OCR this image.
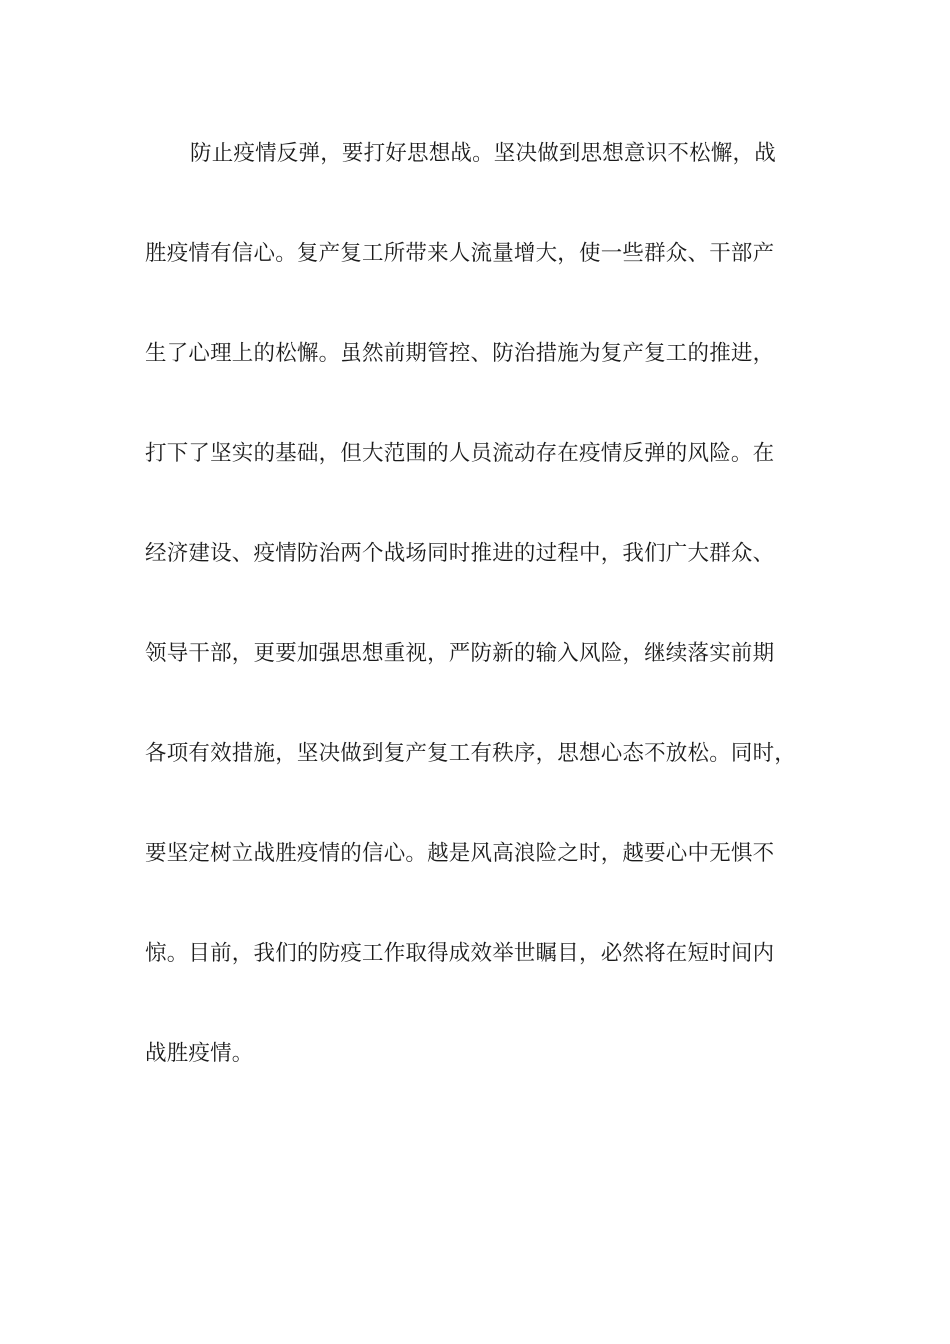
防止疫情反弹，要打好思想战。坚决做到思想意识不松懈，战
胜疫情有信心。复产复工所带来人流量增大，使一些群众、干部产
生了心理上的松懈。虽然前期管控、防治措施为复产复工的推进，
打下了坚实的基础，但大范围的人员流动存在疫情反弹的风险。在
经济建设、疫情防治两个战场同时推进的过程中，我们广大群众、
领导干部，更要加强思想重视，严防新的输入风险，继续落实前期
各项有效措施，坚决做到复产复工有秩序，思想心态不放松。同时，
要坚定树立战胜疫情的信心。越是风高浪险之时，越要心中无惧不
惊。目前，我们的防疫工作取得成效举世瞩目，必然将在短时间内
战胜疫情。
